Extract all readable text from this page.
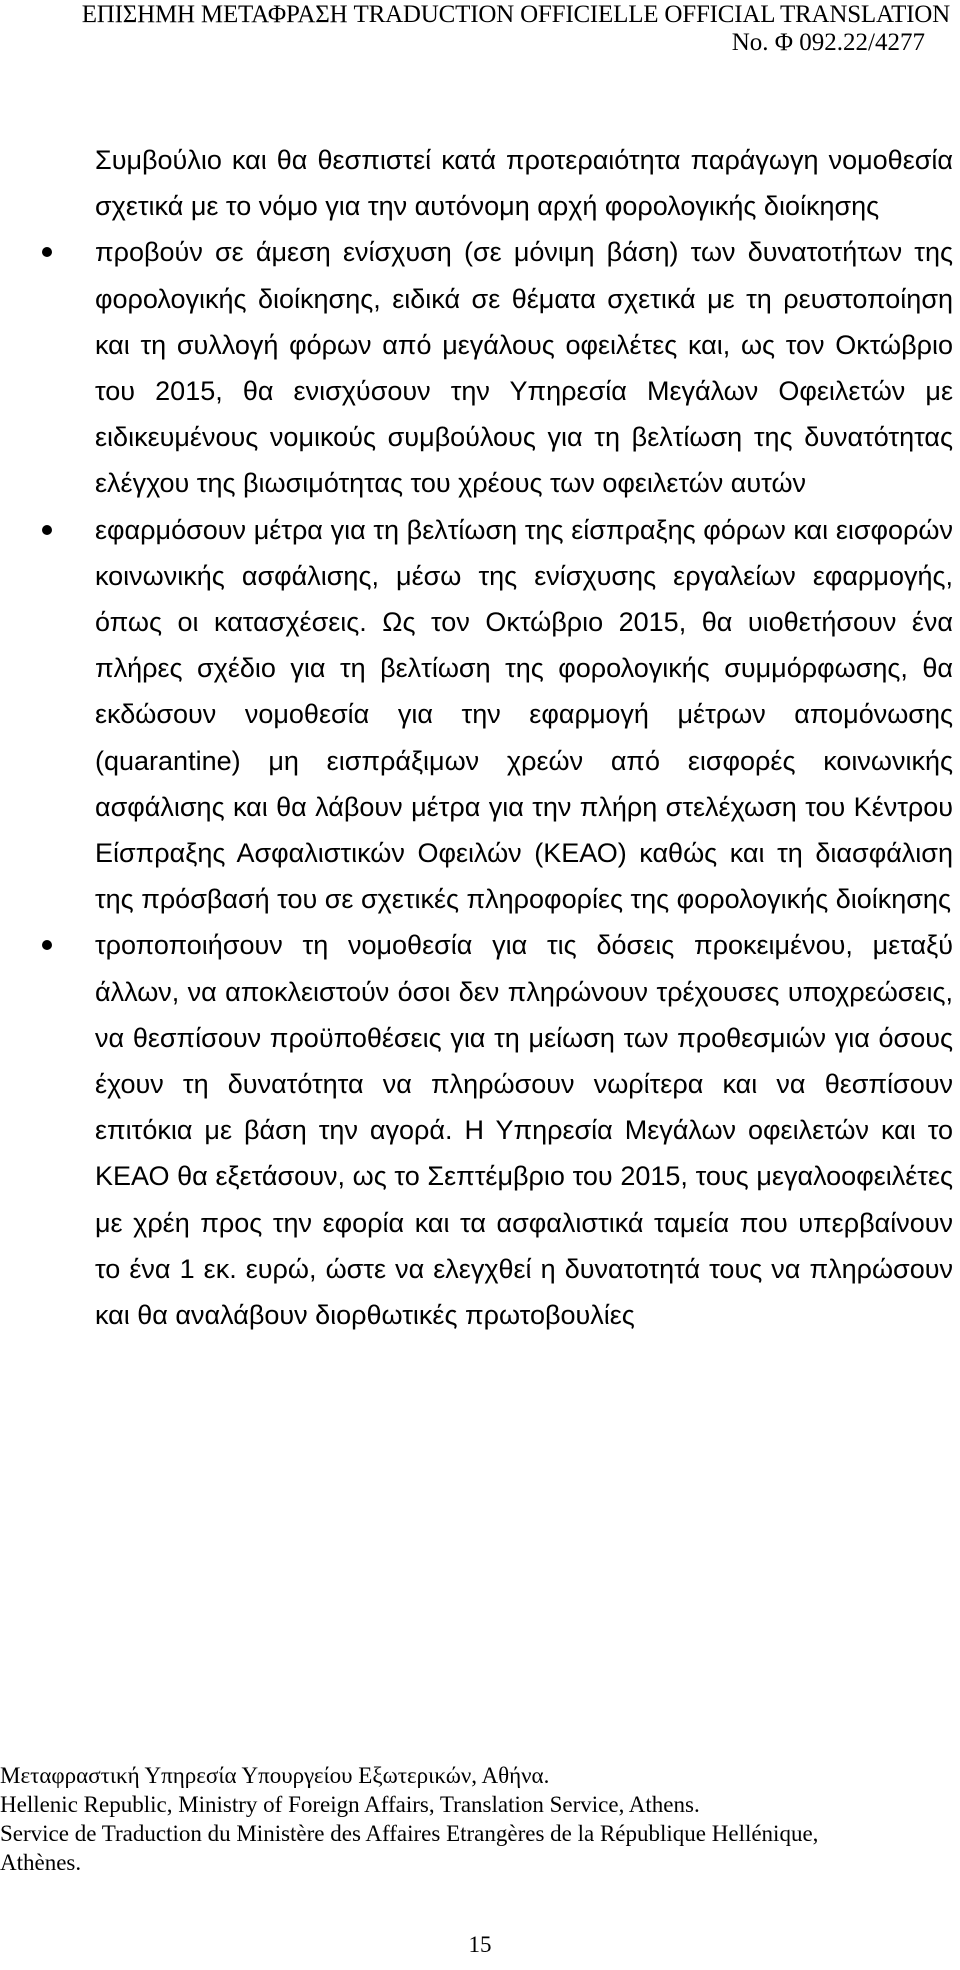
ΕΠΙΣΗΜΗ ΜΕΤΑΦΡΑΣΗ TRADUCTION OFFICIELLE OFFICIAL TRANSLATION
No. Φ 092.22/4277

Συμβούλιο και θα θεσπιστεί κατά προτεραιότητα παράγωγη νομοθεσία σχετικά με το νόμο για την αυτόνομη αρχή φορολογικής διοίκησης

προβούν σε άμεση ενίσχυση (σε μόνιμη βάση) των δυνατοτήτων της φορολογικής διοίκησης, ειδικά σε θέματα σχετικά με τη ρευστοποίηση και τη συλλογή φόρων από μεγάλους οφειλέτες και, ως τον Οκτώβριο του 2015, θα ενισχύσουν την Υπηρεσία Μεγάλων Οφειλετών με ειδικευμένους νομικούς συμβούλους για τη βελτίωση της δυνατότητας ελέγχου της βιωσιμότητας του χρέους των οφειλετών αυτών
εφαρμόσουν μέτρα για τη βελτίωση της είσπραξης φόρων και εισφορών κοινωνικής ασφάλισης, μέσω της ενίσχυσης εργαλείων εφαρμογής, όπως οι κατασχέσεις. Ως τον Οκτώβριο 2015, θα υιοθετήσουν ένα πλήρες σχέδιο για τη βελτίωση της φορολογικής συμμόρφωσης, θα εκδώσουν νομοθεσία για την εφαρμογή μέτρων απομόνωσης (quarantine) μη εισπράξιμων χρεών από εισφορές κοινωνικής ασφάλισης και θα λάβουν μέτρα για την πλήρη στελέχωση του Κέντρου Είσπραξης Ασφαλιστικών Οφειλών (ΚΕΑΟ) καθώς και τη διασφάλιση της πρόσβασή του σε σχετικές πληροφορίες της φορολογικής διοίκησης
τροποποιήσουν τη νομοθεσία για τις δόσεις προκειμένου, μεταξύ άλλων, να αποκλειστούν όσοι δεν πληρώνουν τρέχουσες υποχρεώσεις, να θεσπίσουν προϋποθέσεις για τη μείωση των προθεσμιών για όσους έχουν τη δυνατότητα να πληρώσουν νωρίτερα και να θεσπίσουν επιτόκια με βάση την αγορά. Η Υπηρεσία Μεγάλων οφειλετών και το ΚΕΑΟ θα εξετάσουν, ως το Σεπτέμβριο του 2015, τους μεγαλοοφειλέτες με χρέη προς την εφορία και τα ασφαλιστικά ταμεία που υπερβαίνουν το ένα 1 εκ. ευρώ, ώστε να ελεγχθεί η δυνατοτητά τους να πληρώσουν και θα αναλάβουν διορθωτικές πρωτοβουλίες
Μεταφραστική Υπηρεσία Υπουργείου Εξωτερικών, Αθήνα.
Hellenic Republic, Ministry of Foreign Affairs, Translation Service, Athens.
Service de Traduction du Ministère des Affaires Etrangères de la République Hellénique,
Athènes.
15
